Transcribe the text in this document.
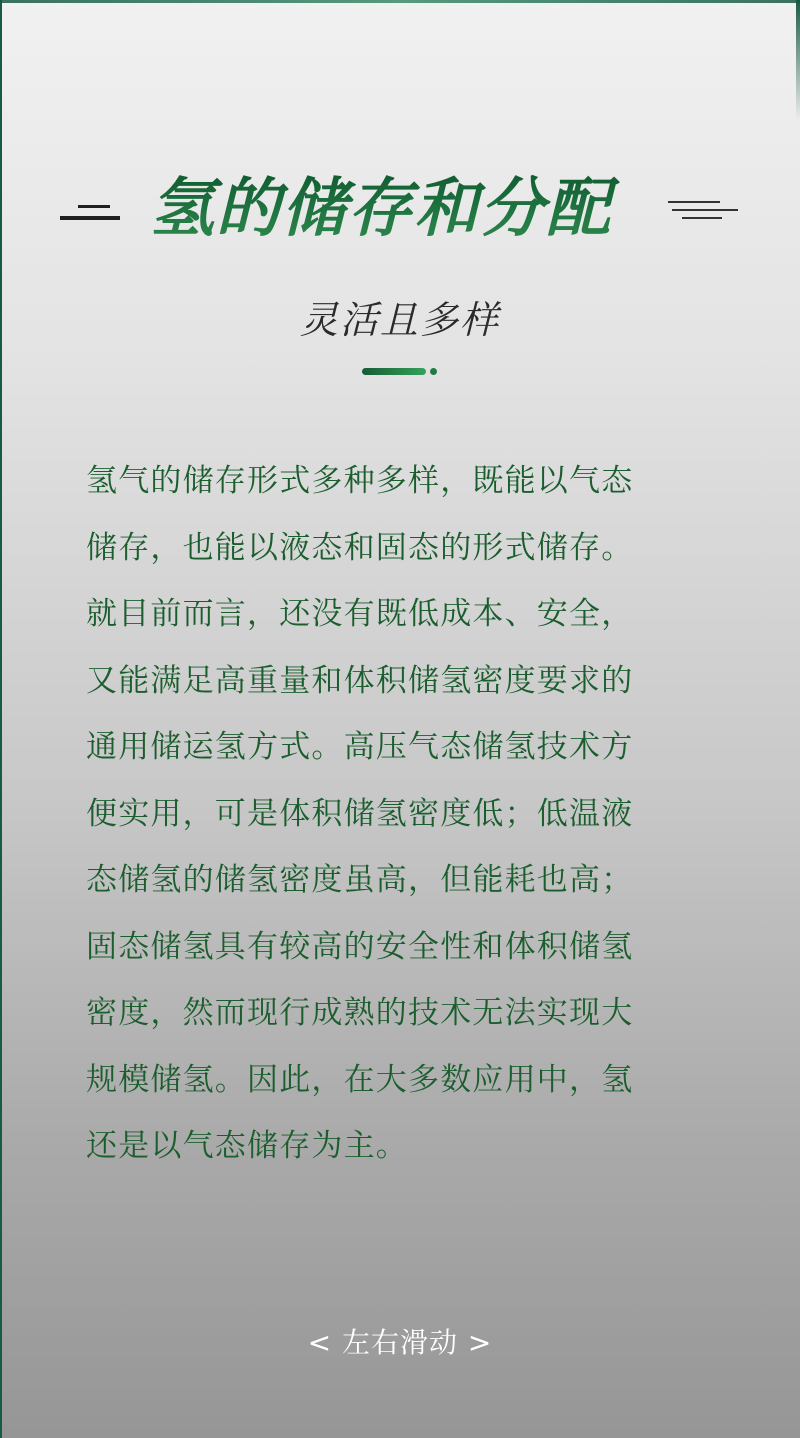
氢的储存和分配
灵活且多样
氢气的储存形式多种多样，既能以气态
储存，也能以液态和固态的形式储存。
就目前而言，还没有既低成本、安全，
又能满足高重量和体积储氢密度要求的
通用储运氢方式。高压气态储氢技术方
便实用，可是体积储氢密度低；低温液
态储氢的储氢密度虽高，但能耗也高；
固态储氢具有较高的安全性和体积储氢
密度，然而现行成熟的技术无法实现大
规模储氢。因此，在大多数应用中，氢
还是以气态储存为主。
< 左右滑动 >
